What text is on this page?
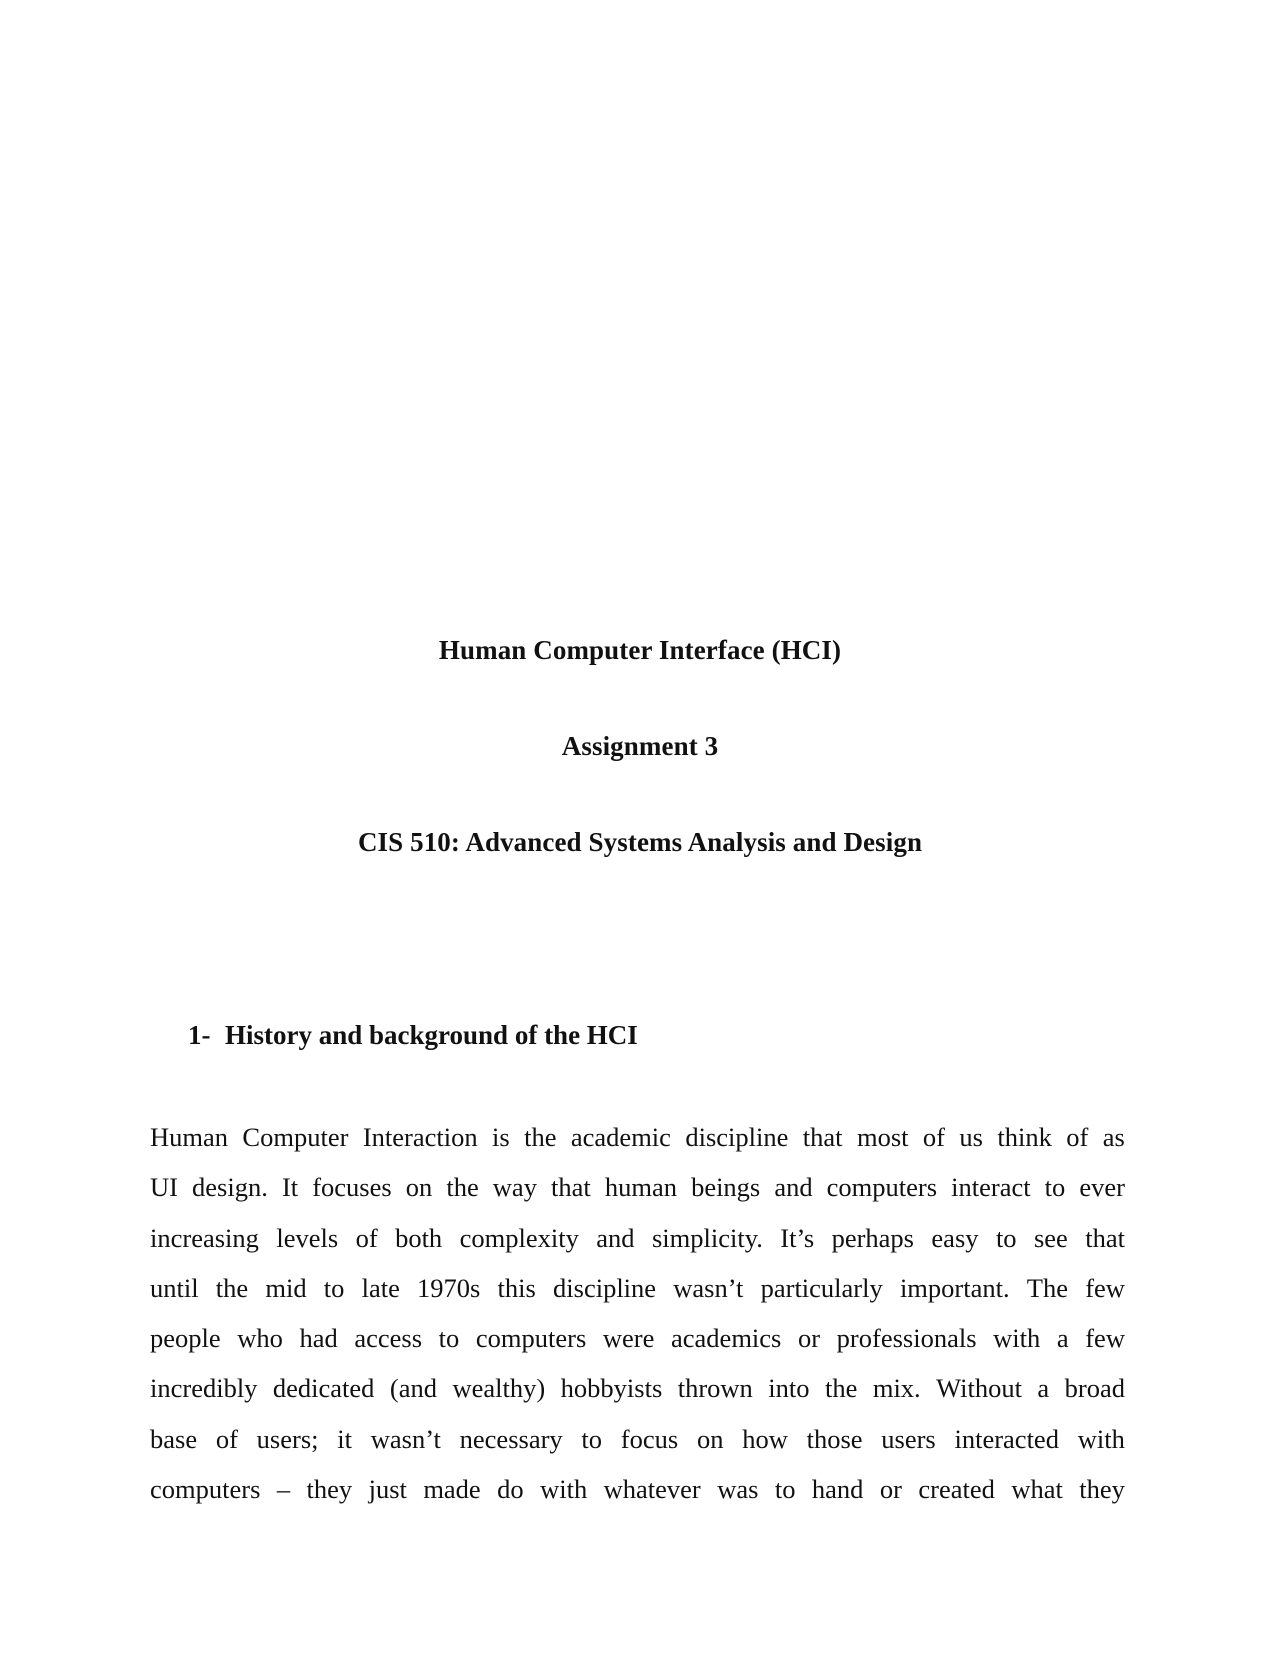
Human Computer Interface (HCI)
Assignment 3
CIS 510: Advanced Systems Analysis and Design
1- History and background of the HCI
Human Computer Interaction is the academic discipline that most of us think of as
UI design. It focuses on the way that human beings and computers interact to ever
increasing levels of both complexity and simplicity. It’s perhaps easy to see that
until the mid to late 1970s this discipline wasn’t particularly important. The few
people who had access to computers were academics or professionals with a few
incredibly dedicated (and wealthy) hobbyists thrown into the mix. Without a broad
base of users; it wasn’t necessary to focus on how those users interacted with
computers – they just made do with whatever was to hand or created what they
